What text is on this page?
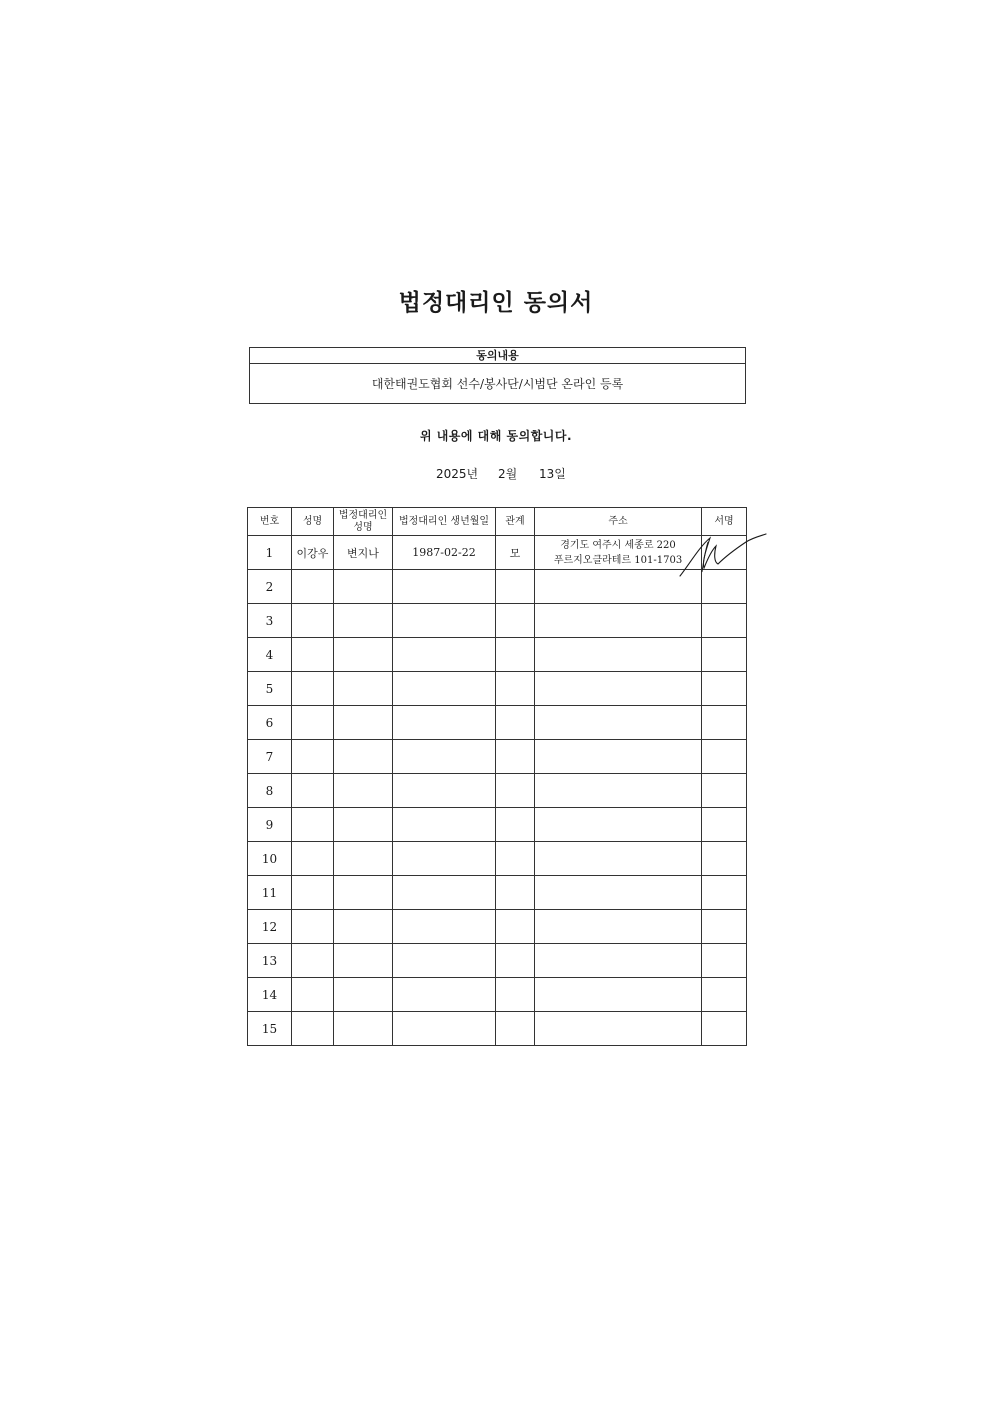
법정대리인 동의서
동의내용
대한태권도협회 선수/봉사단/시범단 온라인 등록
위 내용에 대해 동의합니다.
2025년 2월 13일
번호	성명	법정대리인 성명	법정대리인 생년월일	관계	주소	서명
1	이강우	변지나	1987-02-22	모	경기도 여주시 세종로 220
푸르지오클라테르 101-1703

2						
3						
4						
5						
6						
7						
8						
9						
10						
11						
12						
13						
14						
15						
